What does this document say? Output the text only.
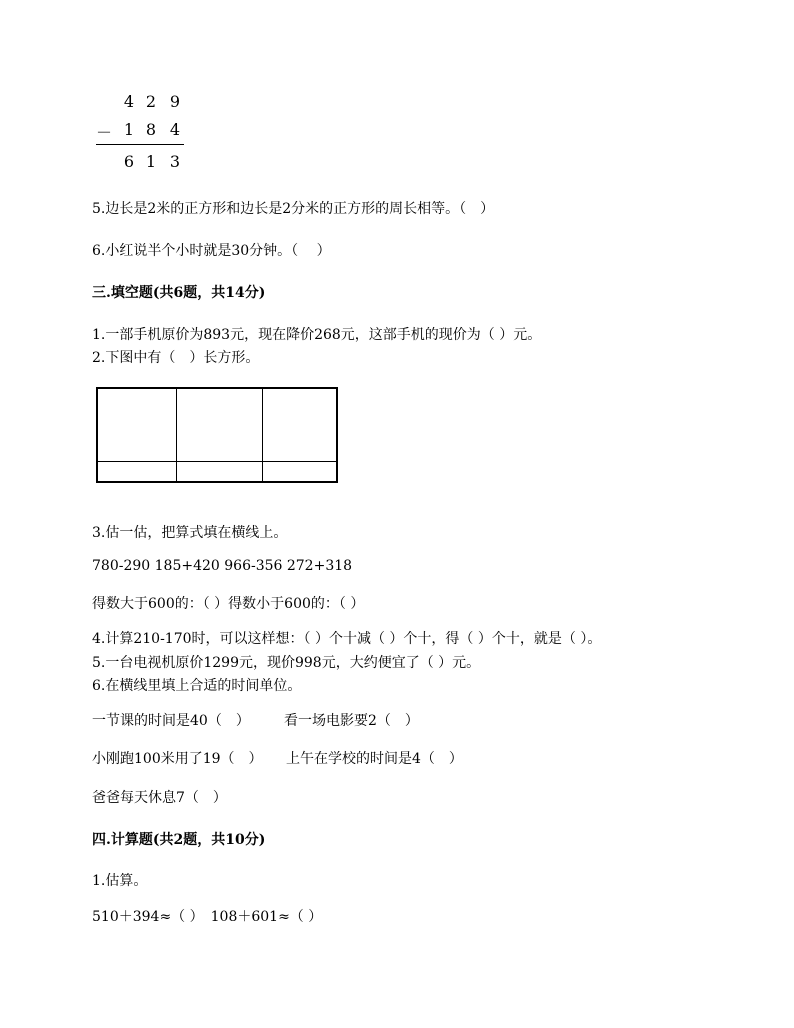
4 2 9
－ 1 8 4
6 1 3
5.边长是2米的正方形和边长是2分米的正方形的周长相等。（　）
6.小红说半个小时就是30分钟。（　 ）
三.填空题(共6题，共14分)
1.一部手机原价为893元，现在降价268元，这部手机的现价为（ ）元。
2.下图中有（　）长方形。
3.估一估，把算式填在横线上。
780-290 185+420 966-356 272+318
得数大于600的：（ ）得数小于600的：（ ）
4.计算210-170时，可以这样想：（ ）个十减（ ）个十，得（ ）个十，就是（ ）。
5.一台电视机原价1299元，现价998元，大约便宜了（ ）元。
6.在横线里填上合适的时间单位。
一节课的时间是40（　） 看一场电影要2（　）
小刚跑100米用了19（　） 上午在学校的时间是4（　）
爸爸每天休息7（　）
四.计算题(共2题，共10分)
1.估算。
510＋394≈（ ）　108＋601≈（ ）
